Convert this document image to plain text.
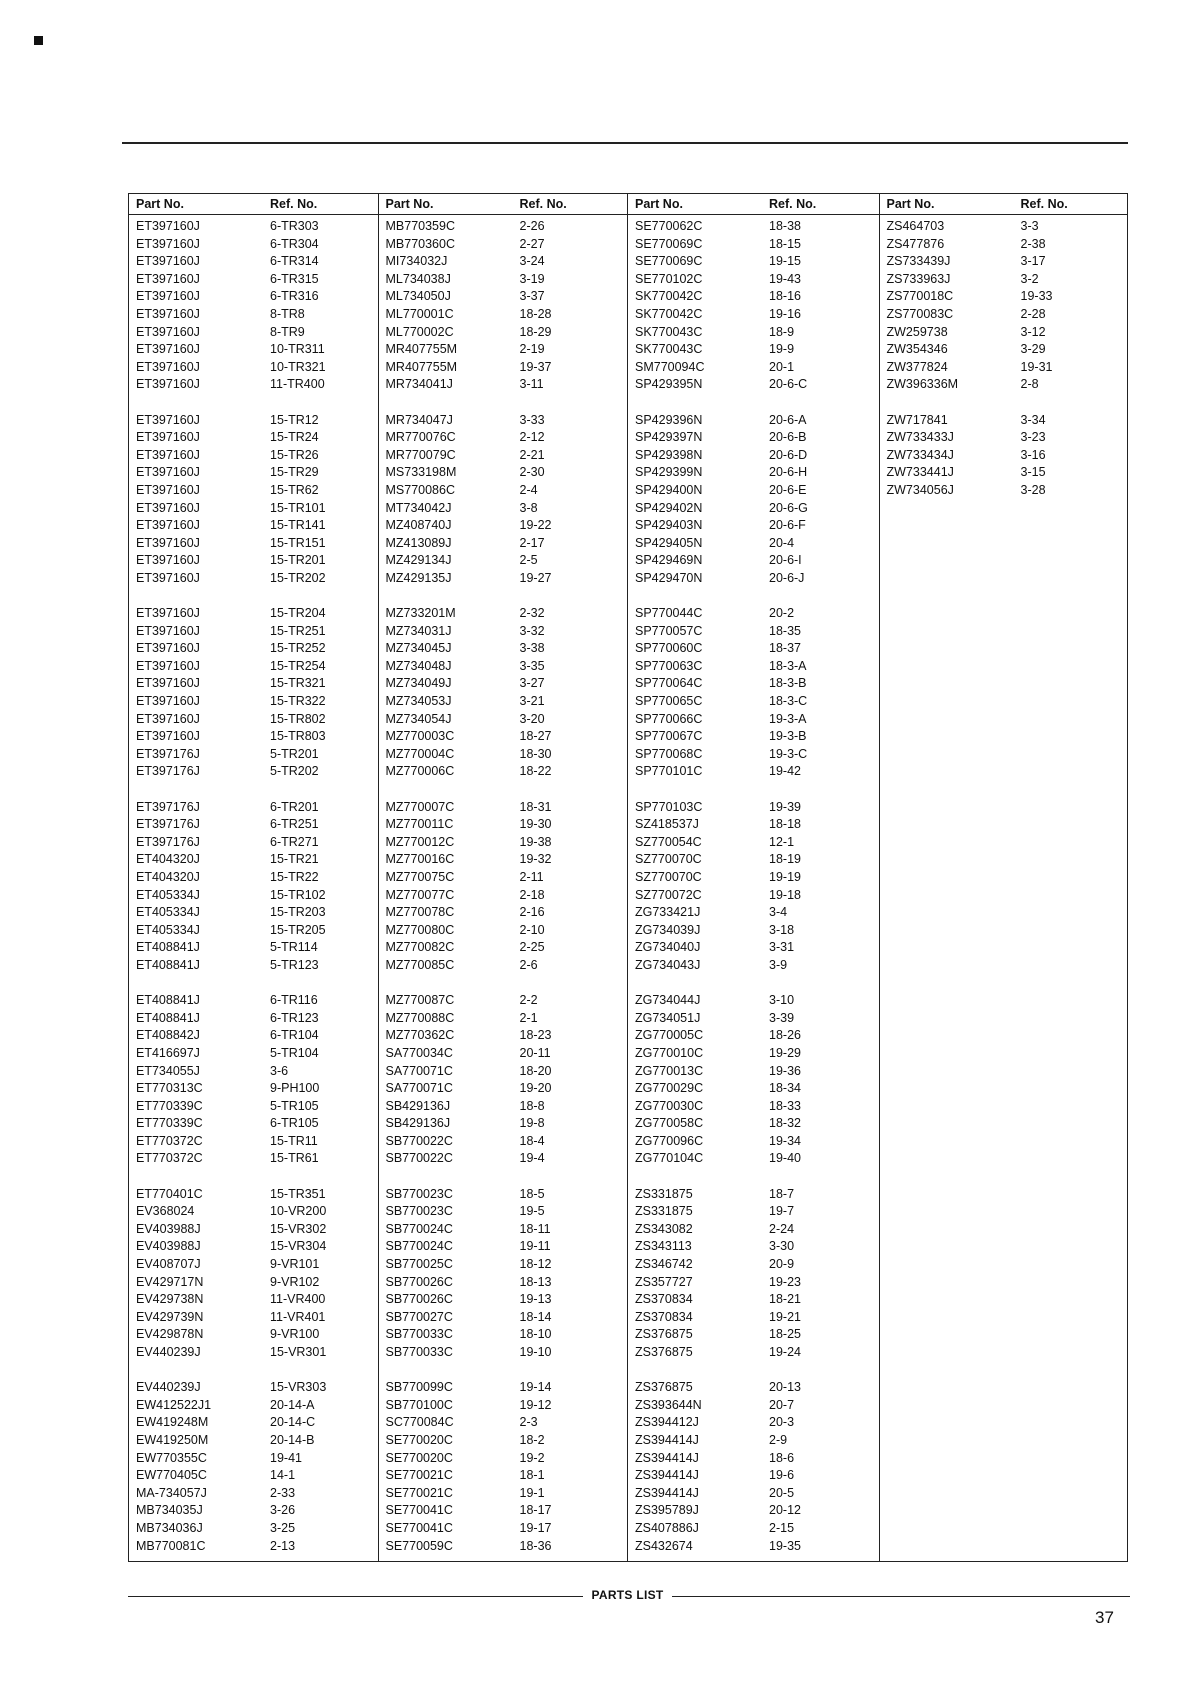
Part No.	Ref. No.
ET397160J	6-TR303
ET397160J	6-TR304
ET397160J	6-TR314
ET397160J	6-TR315
ET397160J	6-TR316
ET397160J	8-TR8
ET397160J	8-TR9
ET397160J	10-TR311
ET397160J	10-TR321
ET397160J	11-TR400
ET397160J	15-TR12
ET397160J	15-TR24
ET397160J	15-TR26
ET397160J	15-TR29
ET397160J	15-TR62
ET397160J	15-TR101
ET397160J	15-TR141
ET397160J	15-TR151
ET397160J	15-TR201
ET397160J	15-TR202
ET397160J	15-TR204
ET397160J	15-TR251
ET397160J	15-TR252
ET397160J	15-TR254
ET397160J	15-TR321
ET397160J	15-TR322
ET397160J	15-TR802
ET397160J	15-TR803
ET397176J	5-TR201
ET397176J	5-TR202
ET397176J	6-TR201
ET397176J	6-TR251
ET397176J	6-TR271
ET404320J	15-TR21
ET404320J	15-TR22
ET405334J	15-TR102
ET405334J	15-TR203
ET405334J	15-TR205
ET408841J	5-TR114
ET408841J	5-TR123
ET408841J	6-TR116
ET408841J	6-TR123
ET408842J	6-TR104
ET416697J	5-TR104
ET734055J	3-6
ET770313C	9-PH100
ET770339C	5-TR105
ET770339C	6-TR105
ET770372C	15-TR11
ET770372C	15-TR61
ET770401C	15-TR351
EV368024	10-VR200
EV403988J	15-VR302
EV403988J	15-VR304
EV408707J	9-VR101
EV429717N	9-VR102
EV429738N	11-VR400
EV429739N	11-VR401
EV429878N	9-VR100
EV440239J	15-VR301
EV440239J	15-VR303
EW412522J1	20-14-A
EW419248M	20-14-C
EW419250M	20-14-B
EW770355C	19-41
EW770405C	14-1
MA-734057J	2-33
MB734035J	3-26
MB734036J	3-25
MB770081C	2-13
Part No.	Ref. No.
MB770359C	2-26
MB770360C	2-27
MI734032J	3-24
ML734038J	3-19
ML734050J	3-37
ML770001C	18-28
ML770002C	18-29
MR407755M	2-19
MR407755M	19-37
MR734041J	3-11
MR734047J	3-33
MR770076C	2-12
MR770079C	2-21
MS733198M	2-30
MS770086C	2-4
MT734042J	3-8
MZ408740J	19-22
MZ413089J	2-17
MZ429134J	2-5
MZ429135J	19-27
MZ733201M	2-32
MZ734031J	3-32
MZ734045J	3-38
MZ734048J	3-35
MZ734049J	3-27
MZ734053J	3-21
MZ734054J	3-20
MZ770003C	18-27
MZ770004C	18-30
MZ770006C	18-22
MZ770007C	18-31
MZ770011C	19-30
MZ770012C	19-38
MZ770016C	19-32
MZ770075C	2-11
MZ770077C	2-18
MZ770078C	2-16
MZ770080C	2-10
MZ770082C	2-25
MZ770085C	2-6
MZ770087C	2-2
MZ770088C	2-1
MZ770362C	18-23
SA770034C	20-11
SA770071C	18-20
SA770071C	19-20
SB429136J	18-8
SB429136J	19-8
SB770022C	18-4
SB770022C	19-4
SB770023C	18-5
SB770023C	19-5
SB770024C	18-11
SB770024C	19-11
SB770025C	18-12
SB770026C	18-13
SB770026C	19-13
SB770027C	18-14
SB770033C	18-10
SB770033C	19-10
SB770099C	19-14
SB770100C	19-12
SC770084C	2-3
SE770020C	18-2
SE770020C	19-2
SE770021C	18-1
SE770021C	19-1
SE770041C	18-17
SE770041C	19-17
SE770059C	18-36
Part No.	Ref. No.
SE770062C	18-38
SE770069C	18-15
SE770069C	19-15
SE770102C	19-43
SK770042C	18-16
SK770042C	19-16
SK770043C	18-9
SK770043C	19-9
SM770094C	20-1
SP429395N	20-6-C
SP429396N	20-6-A
SP429397N	20-6-B
SP429398N	20-6-D
SP429399N	20-6-H
SP429400N	20-6-E
SP429402N	20-6-G
SP429403N	20-6-F
SP429405N	20-4
SP429469N	20-6-I
SP429470N	20-6-J
SP770044C	20-2
SP770057C	18-35
SP770060C	18-37
SP770063C	18-3-A
SP770064C	18-3-B
SP770065C	18-3-C
SP770066C	19-3-A
SP770067C	19-3-B
SP770068C	19-3-C
SP770101C	19-42
SP770103C	19-39
SZ418537J	18-18
SZ770054C	12-1
SZ770070C	18-19
SZ770070C	19-19
SZ770072C	19-18
ZG733421J	3-4
ZG734039J	3-18
ZG734040J	3-31
ZG734043J	3-9
ZG734044J	3-10
ZG734051J	3-39
ZG770005C	18-26
ZG770010C	19-29
ZG770013C	19-36
ZG770029C	18-34
ZG770030C	18-33
ZG770058C	18-32
ZG770096C	19-34
ZG770104C	19-40
ZS331875	18-7
ZS331875	19-7
ZS343082	2-24
ZS343113	3-30
ZS346742	20-9
ZS357727	19-23
ZS370834	18-21
ZS370834	19-21
ZS376875	18-25
ZS376875	19-24
ZS376875	20-13
ZS393644N	20-7
ZS394412J	20-3
ZS394414J	2-9
ZS394414J	18-6
ZS394414J	19-6
ZS394414J	20-5
ZS395789J	20-12
ZS407886J	2-15
ZS432674	19-35
Part No.	Ref. No.
ZS464703	3-3
ZS477876	2-38
ZS733439J	3-17
ZS733963J	3-2
ZS770018C	19-33
ZS770083C	2-28
ZW259738	3-12
ZW354346	3-29
ZW377824	19-31
ZW396336M	2-8
ZW717841	3-34
ZW733433J	3-23
ZW733434J	3-16
ZW733441J	3-15
ZW734056J	3-28
PARTS LIST
37
